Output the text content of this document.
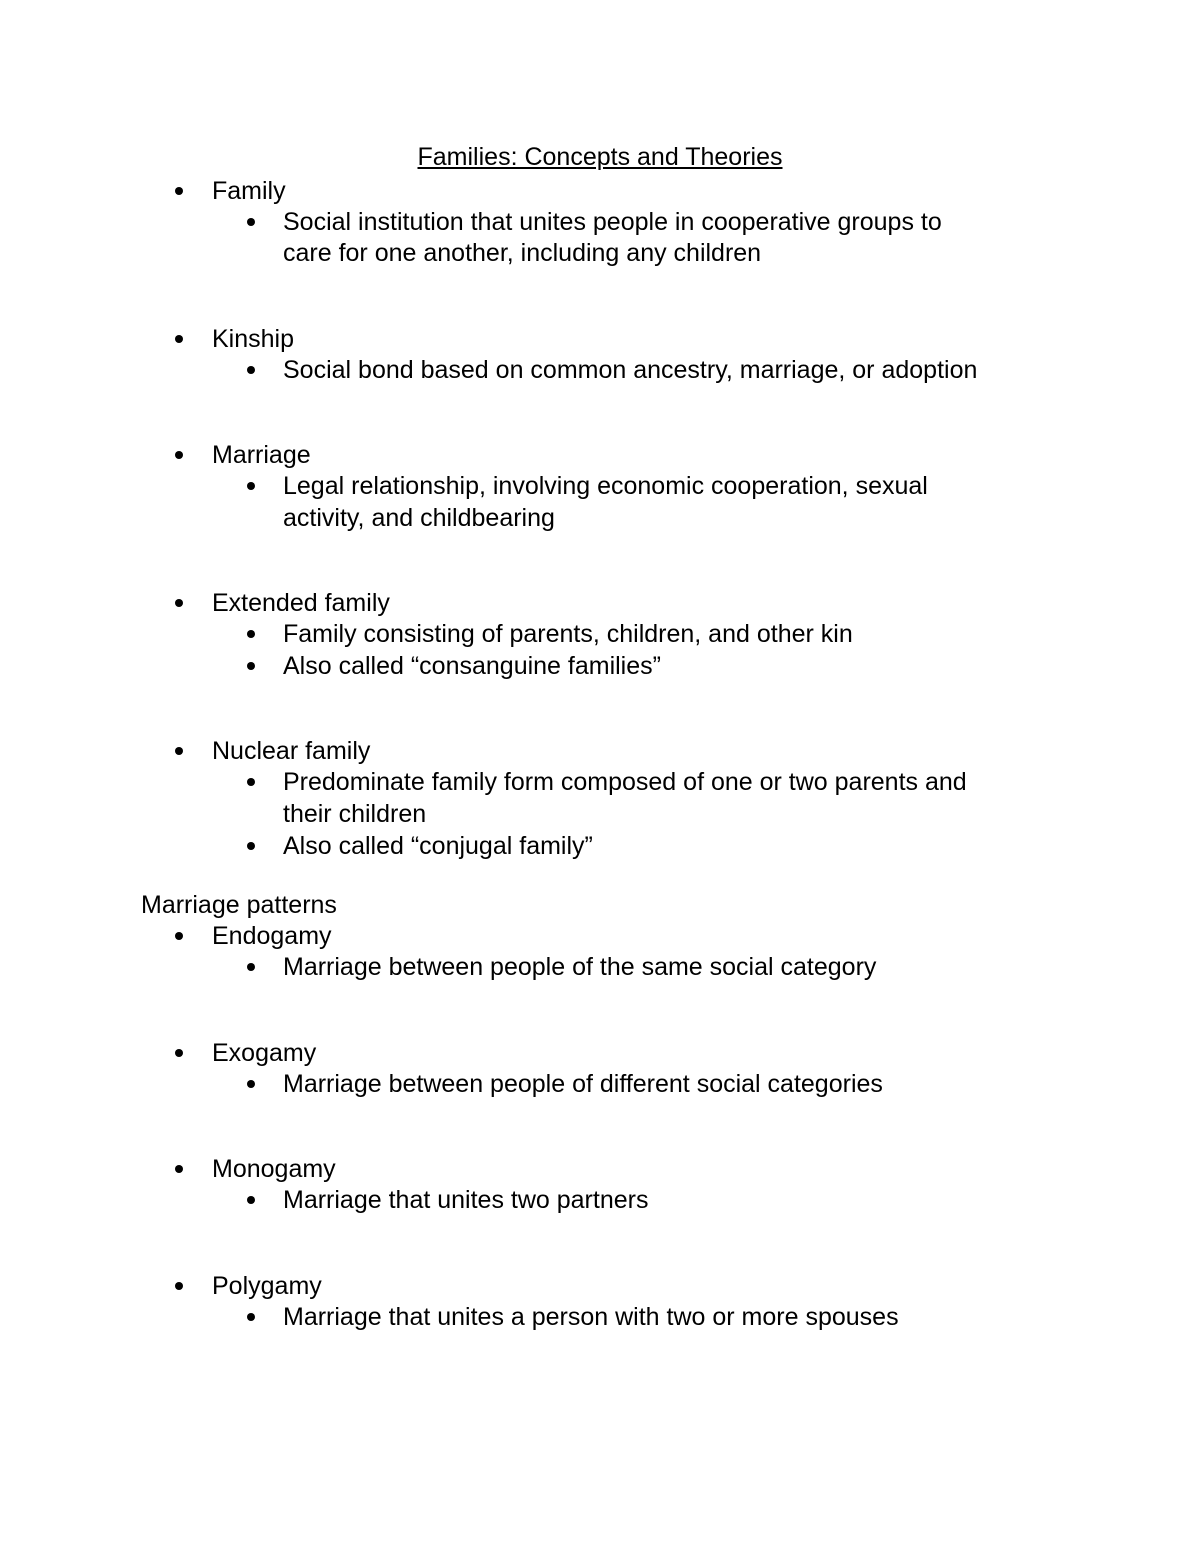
Families: Concepts and Theories
Family
Social institution that unites people in cooperative groups to
care for one another, including any children
Kinship
Social bond based on common ancestry, marriage, or adoption
Marriage
Legal relationship, involving economic cooperation, sexual
activity, and childbearing
Extended family
Family consisting of parents, children, and other kin
Also called “consanguine families”
Nuclear family
Predominate family form composed of one or two parents and
their children
Also called “conjugal family”
Marriage patterns
Endogamy
Marriage between people of the same social category
Exogamy
Marriage between people of different social categories
Monogamy
Marriage that unites two partners
Polygamy
Marriage that unites a person with two or more spouses
